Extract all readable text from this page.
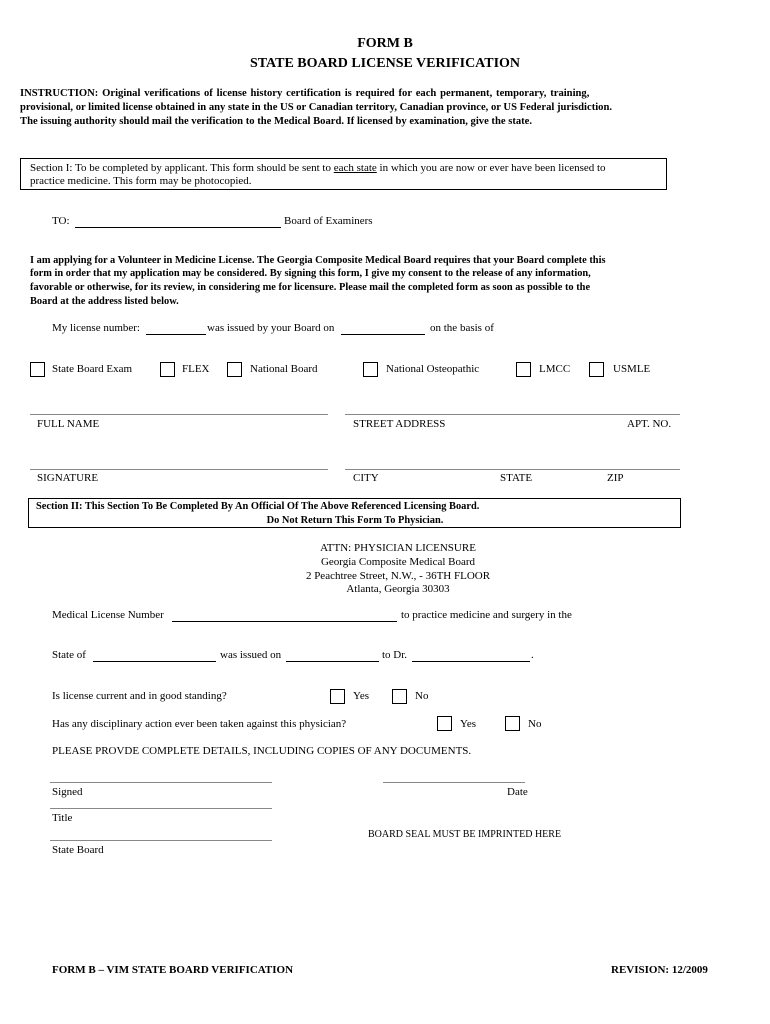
FORM B
STATE BOARD LICENSE VERIFICATION
INSTRUCTION: Original verifications of license history certification is required for each permanent, temporary, training,
provisional, or limited license obtained in any state in the US or Canadian territory, Canadian province, or US Federal jurisdiction.
The issuing authority should mail the verification to the Medical Board. If licensed by examination, give the state.
Section I: To be completed by applicant. This form should be sent to each state in which you are now or ever have been licensed to
practice medicine. This form may be photocopied.
TO:	Board of Examiners
I am applying for a Volunteer in Medicine License. The Georgia Composite Medical Board requires that your Board complete this
form in order that my application may be considered. By signing this form, I give my consent to the release of any information,
favorable or otherwise, for its review, in considering me for licensure. Please mail the completed form as soon as possible to the
Board at the address listed below.
My license number:	was issued by your Board on	on the basis of
State Board Exam	FLEX	National Board	National Osteopathic	LMCC	USMLE
FULL NAME	STREET ADDRESS	APT. NO.
SIGNATURE	CITY	STATE	ZIP
Section II: This Section To Be Completed By An Official Of The Above Referenced Licensing Board.
Do Not Return This Form To Physician.
ATTN: PHYSICIAN LICENSURE
Georgia Composite Medical Board
2 Peachtree Street, N.W., - 36TH FLOOR
Atlanta, Georgia 30303
Medical License Number	to practice medicine and surgery in the
State of	was issued on	to Dr.	.
Is license current and in good standing?	Yes	No
Has any disciplinary action ever been taken against this physician?	Yes	No
PLEASE PROVDE COMPLETE DETAILS, INCLUDING COPIES OF ANY DOCUMENTS.
Signed	Date
Title
BOARD SEAL MUST BE IMPRINTED HERE
State Board
FORM B – VIM STATE BOARD VERIFICATION	REVISION: 12/2009
